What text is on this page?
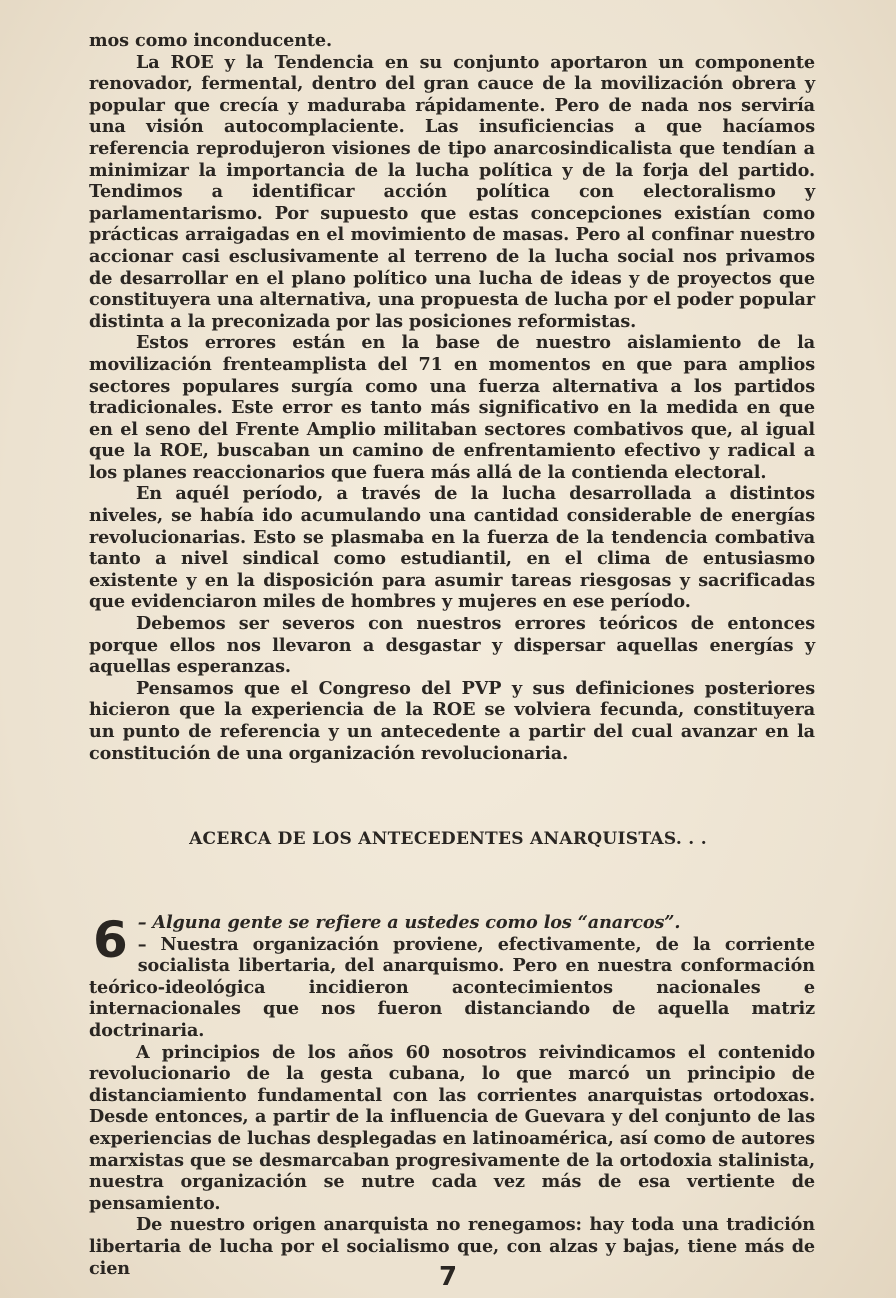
mos como inconducente.

La ROE y la Tendencia en su conjunto aportaron un componente renovador, fermental, dentro del gran cauce de la movilización obrera y popular que crecía y maduraba rápidamente. Pero de nada nos serviría una visión autocomplaciente. Las insuficiencias a que hacíamos referencia reprodujeron visiones de tipo anarcosindicalista que tendían a minimizar la importancia de la lucha política y de la forja del partido. Tendimos a identificar acción política con electoralismo y parlamentarismo. Por supuesto que estas concepciones existían como prácticas arraigadas en el movimiento de masas. Pero al confinar nuestro accionar casi esclusivamente al terreno de la lucha social nos privamos de desarrollar en el plano político una lucha de ideas y de proyectos que constituyera una alternativa, una propuesta de lucha por el poder popular distinta a la preconizada por las posiciones reformistas.

Estos errores están en la base de nuestro aislamiento de la movilización frenteamplista del 71 en momentos en que para amplios sectores populares surgía como una fuerza alternativa a los partidos tradicionales. Este error es tanto más significativo en la medida en que en el seno del Frente Amplio militaban sectores combativos que, al igual que la ROE, buscaban un camino de enfrentamiento efectivo y radical a los planes reaccionarios que fuera más allá de la contienda electoral.

En aquél período, a través de la lucha desarrollada a distintos niveles, se había ido acumulando una cantidad considerable de energías revolucionarias. Esto se plasmaba en la fuerza de la tendencia combativa tanto a nivel sindical como estudiantil, en el clima de entusiasmo existente y en la disposición para asumir tareas riesgosas y sacrificadas que evidenciaron miles de hombres y mujeres en ese período.

Debemos ser severos con nuestros errores teóricos de entonces porque ellos nos llevaron a desgastar y dispersar aquellas energías y aquellas esperanzas.

Pensamos que el Congreso del PVP y sus definiciones posteriores hicieron que la experiencia de la ROE se volviera fecunda, constituyera un punto de referencia y un antecedente a partir del cual avanzar en la constitución de una organización revolucionaria.

ACERCA DE LOS ANTECEDENTES ANARQUISTAS. . .
6 – Alguna gente se refiere a ustedes como los “anarcos”.

– Nuestra organización proviene, efectivamente, de la corriente socialista libertaria, del anarquismo. Pero en nuestra conformación teórico-ideológica incidieron acontecimientos nacionales e internacionales que nos fueron distanciando de aquella matriz doctrinaria.

A principios de los años 60 nosotros reivindicamos el contenido revolucionario de la gesta cubana, lo que marcó un principio de distanciamiento fundamental con las corrientes anarquistas ortodoxas. Desde entonces, a partir de la influencia de Guevara y del conjunto de las experiencias de luchas desplegadas en latinoamérica, así como de autores marxistas que se desmarcaban progresivamente de la ortodoxia stalinista, nuestra organización se nutre cada vez más de esa vertiente de pensamiento.

De nuestro origen anarquista no renegamos: hay toda una tradición libertaria de lucha por el socialismo que, con alzas y bajas, tiene más de cien	7
